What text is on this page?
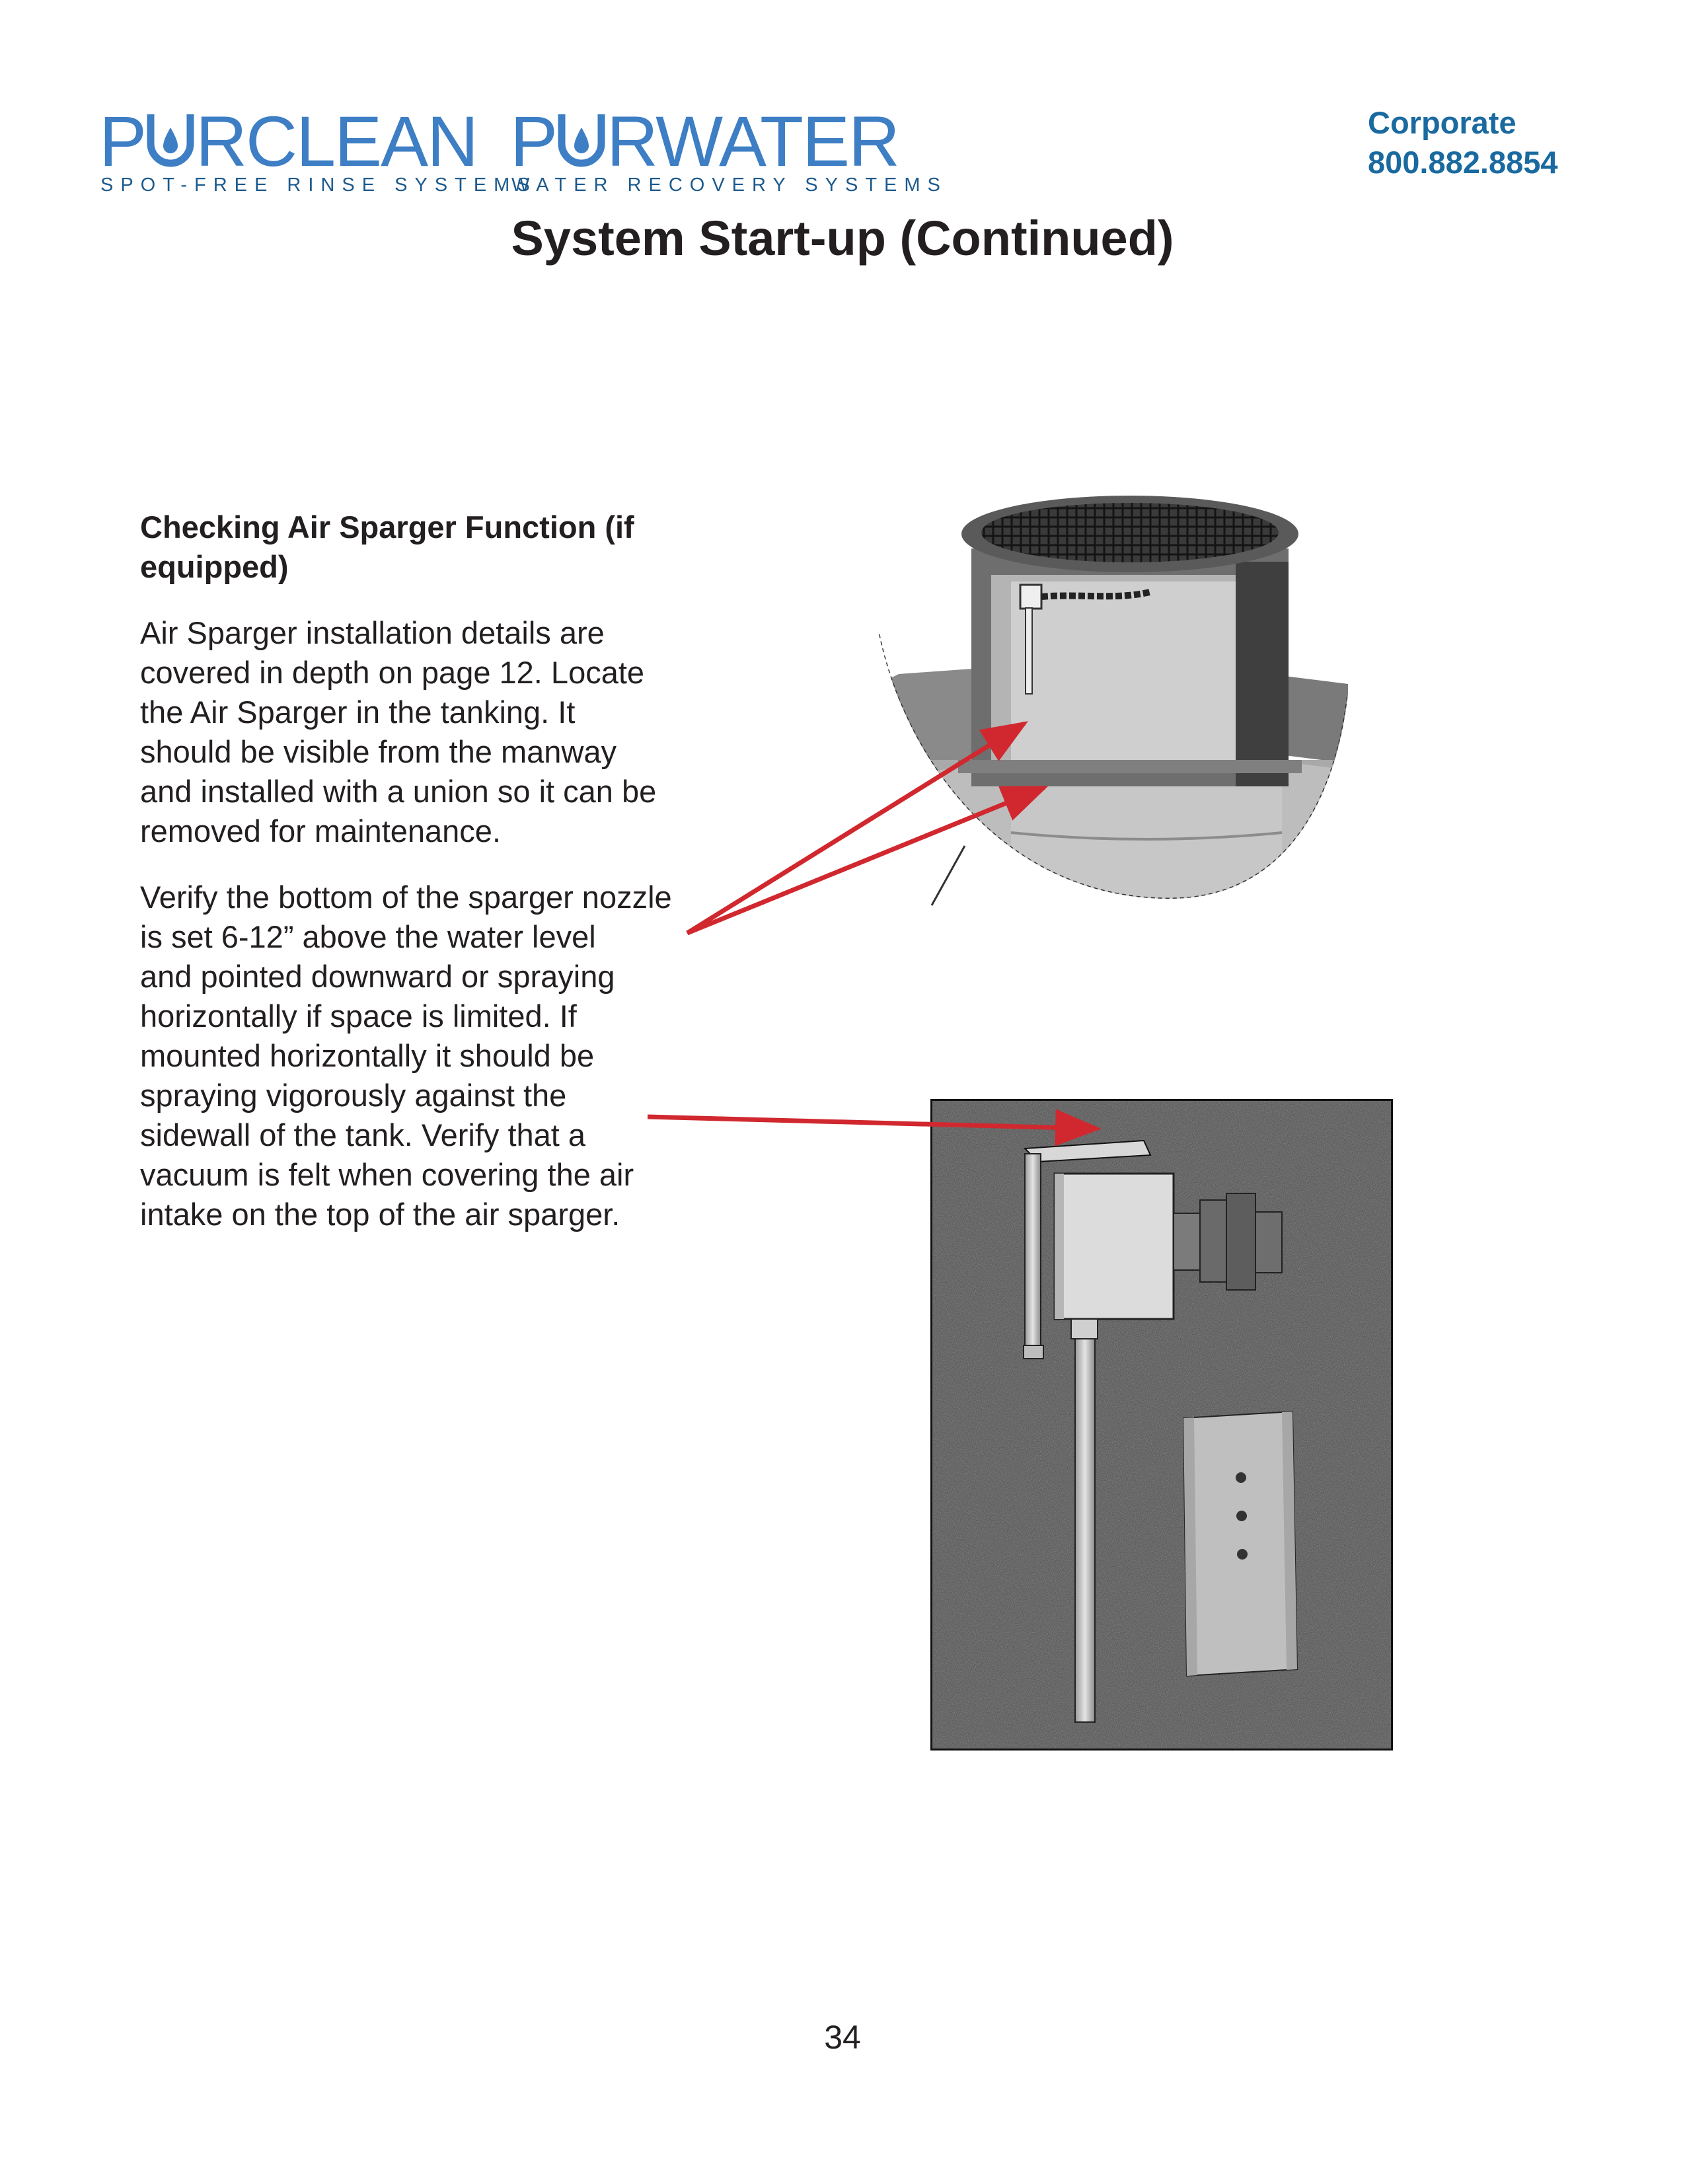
P RCLEAN
SPOT-FREE RINSE SYSTEMS
P RWATER
WATER RECOVERY SYSTEMS
Corporate
800.882.8854
System Start-up (Continued)
Checking Air Sparger Function (if equipped)
Air Sparger installation details are
covered in depth on page 12. Locate
the Air Sparger in the tanking. It
should be visible from the manway
and installed with a union so it can be
removed for maintenance.
Verify the bottom of the sparger nozzle
is set 6-12” above the water level
and pointed downward or spraying
horizontally if space is limited. If
mounted horizontally it should be
spraying vigorously against the
sidewall of the tank. Verify that a
vacuum is felt when covering the air
intake on the top of the air sparger.
34
